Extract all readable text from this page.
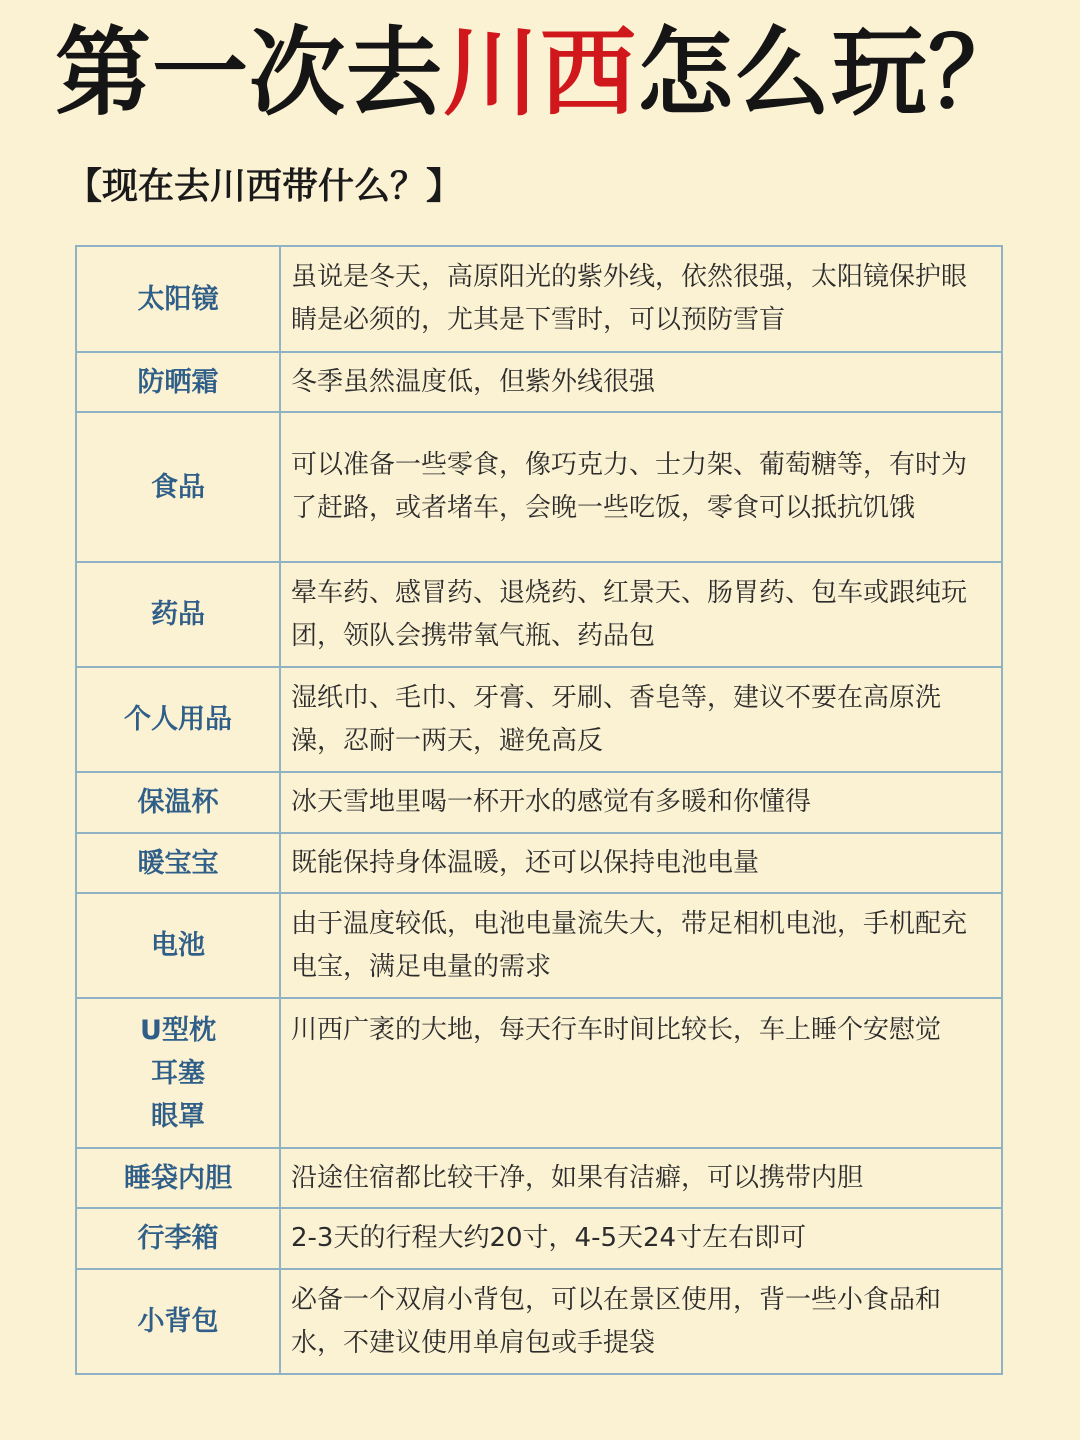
第一次去川西怎么玩？
【现在去川西带什么？】
太阳镜	虽说是冬天，高原阳光的紫外线，依然很强，太阳镜保护眼睛是必须的，尤其是下雪时，可以预防雪盲

防晒霜	冬季虽然温度低，但紫外线很强

食品	可以准备一些零食，像巧克力、士力架、葡萄糖等，有时为了赶路，或者堵车，会晚一些吃饭，零食可以抵抗饥饿

药品	晕车药、感冒药、退烧药、红景天、肠胃药、包车或跟纯玩团，领队会携带氧气瓶、药品包

个人用品	湿纸巾、毛巾、牙膏、牙刷、香皂等，建议不要在高原洗澡，忍耐一两天，避免高反

保温杯	冰天雪地里喝一杯开水的感觉有多暖和你懂得

暖宝宝	既能保持身体温暖，还可以保持电池电量

电池	由于温度较低，电池电量流失大，带足相机电池，手机配充电宝，满足电量的需求

U型枕
耳塞
眼罩	川西广袤的大地，每天行车时间比较长，车上睡个安慰觉

睡袋内胆	沿途住宿都比较干净，如果有洁癖，可以携带内胆

行李箱	2-3天的行程大约20寸，4-5天24寸左右即可

小背包	必备一个双肩小背包，可以在景区使用，背一些小食品和水，不建议使用单肩包或手提袋
